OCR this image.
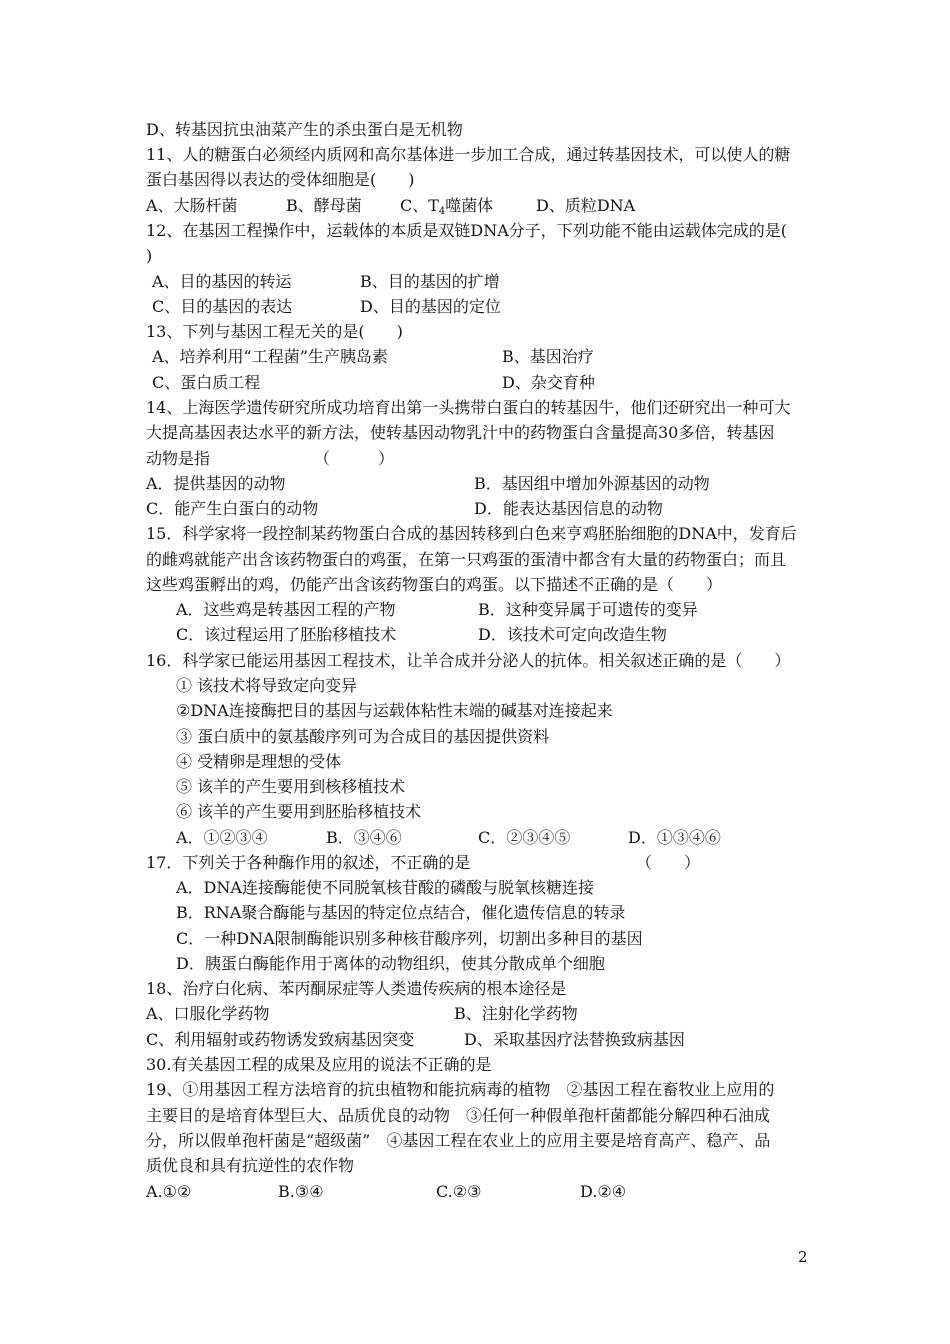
D、转基因抗虫油菜产生的杀虫蛋白是无机物
11、人的糖蛋白必须经内质网和高尔基体进一步加工合成，通过转基因技术，可以使人的糖
蛋白基因得以表达的受体细胞是(　　)
A、大肠杆菌	B、酵母菌 C、$T_4$噬菌体	D、质粒DNA
12、在基因工程操作中，运载体的本质是双链DNA分子，下列功能不能由运载体完成的是(
)
A、目的基因的转运	B、目的基因的扩增
C、目的基因的表达	D、目的基因的定位
13、下列与基因工程无关的是(　　)
A、培养利用“工程菌”生产胰岛素	B、基因治疗
C、蛋白质工程	D、杂交育种
14、上海医学遗传研究所成功培育出第一头携带白蛋白的转基因牛，他们还研究出一种可大
大提高基因表达水平的新方法，使转基因动物乳汁中的药物蛋白含量提高30多倍，转基因
动物是指　　　　　　　（　　　）
A．提供基因的动物	B．基因组中增加外源基因的动物
C．能产生白蛋白的动物	D．能表达基因信息的动物
15．科学家将一段控制某药物蛋白合成的基因转移到白色来亨鸡胚胎细胞的DNA中，发育后
的雌鸡就能产出含该药物蛋白的鸡蛋，在第一只鸡蛋的蛋清中都含有大量的药物蛋白；而且
这些鸡蛋孵出的鸡，仍能产出含该药物蛋白的鸡蛋。以下描述不正确的是（　　）
A．这些鸡是转基因工程的产物	B．这种变异属于可遗传的变异
C．该过程运用了胚胎移植技术	D．该技术可定向改造生物
16．科学家已能运用基因工程技术，让羊合成并分泌人的抗体。相关叙述正确的是（　　）
① 该技术将导致定向变异
②DNA连接酶把目的基因与运载体粘性末端的碱基对连接起来
③ 蛋白质中的氨基酸序列可为合成目的基因提供资料
④ 受精卵是理想的受体
⑤ 该羊的产生要用到核移植技术
⑥ 该羊的产生要用到胚胎移植技术
A．①②③④	B．③④⑥	C．②③④⑤	D．①③④⑥
17．下列关于各种酶作用的叙述，不正确的是	（　　）
A．DNA连接酶能使不同脱氧核苷酸的磷酸与脱氧核糖连接
B．RNA聚合酶能与基因的特定位点结合，催化遗传信息的转录
C．一种DNA限制酶能识别多种核苷酸序列，切割出多种目的基因
D．胰蛋白酶能作用于离体的动物组织，使其分散成单个细胞
18、治疗白化病、苯丙酮尿症等人类遗传疾病的根本途径是
A、口服化学药物	B、注射化学药物
C、利用辐射或药物诱发致病基因突变	D、采取基因疗法替换致病基因
30.有关基因工程的成果及应用的说法不正确的是
19、①用基因工程方法培育的抗虫植物和能抗病毒的植物　②基因工程在畜牧业上应用的
主要目的是培育体型巨大、品质优良的动物　③任何一种假单孢杆菌都能分解四种石油成
分，所以假单孢杆菌是“超级菌”　④基因工程在农业上的应用主要是培育高产、稳产、品
质优良和具有抗逆性的农作物
A.①②	B.③④	C.②③	D.②④
2
